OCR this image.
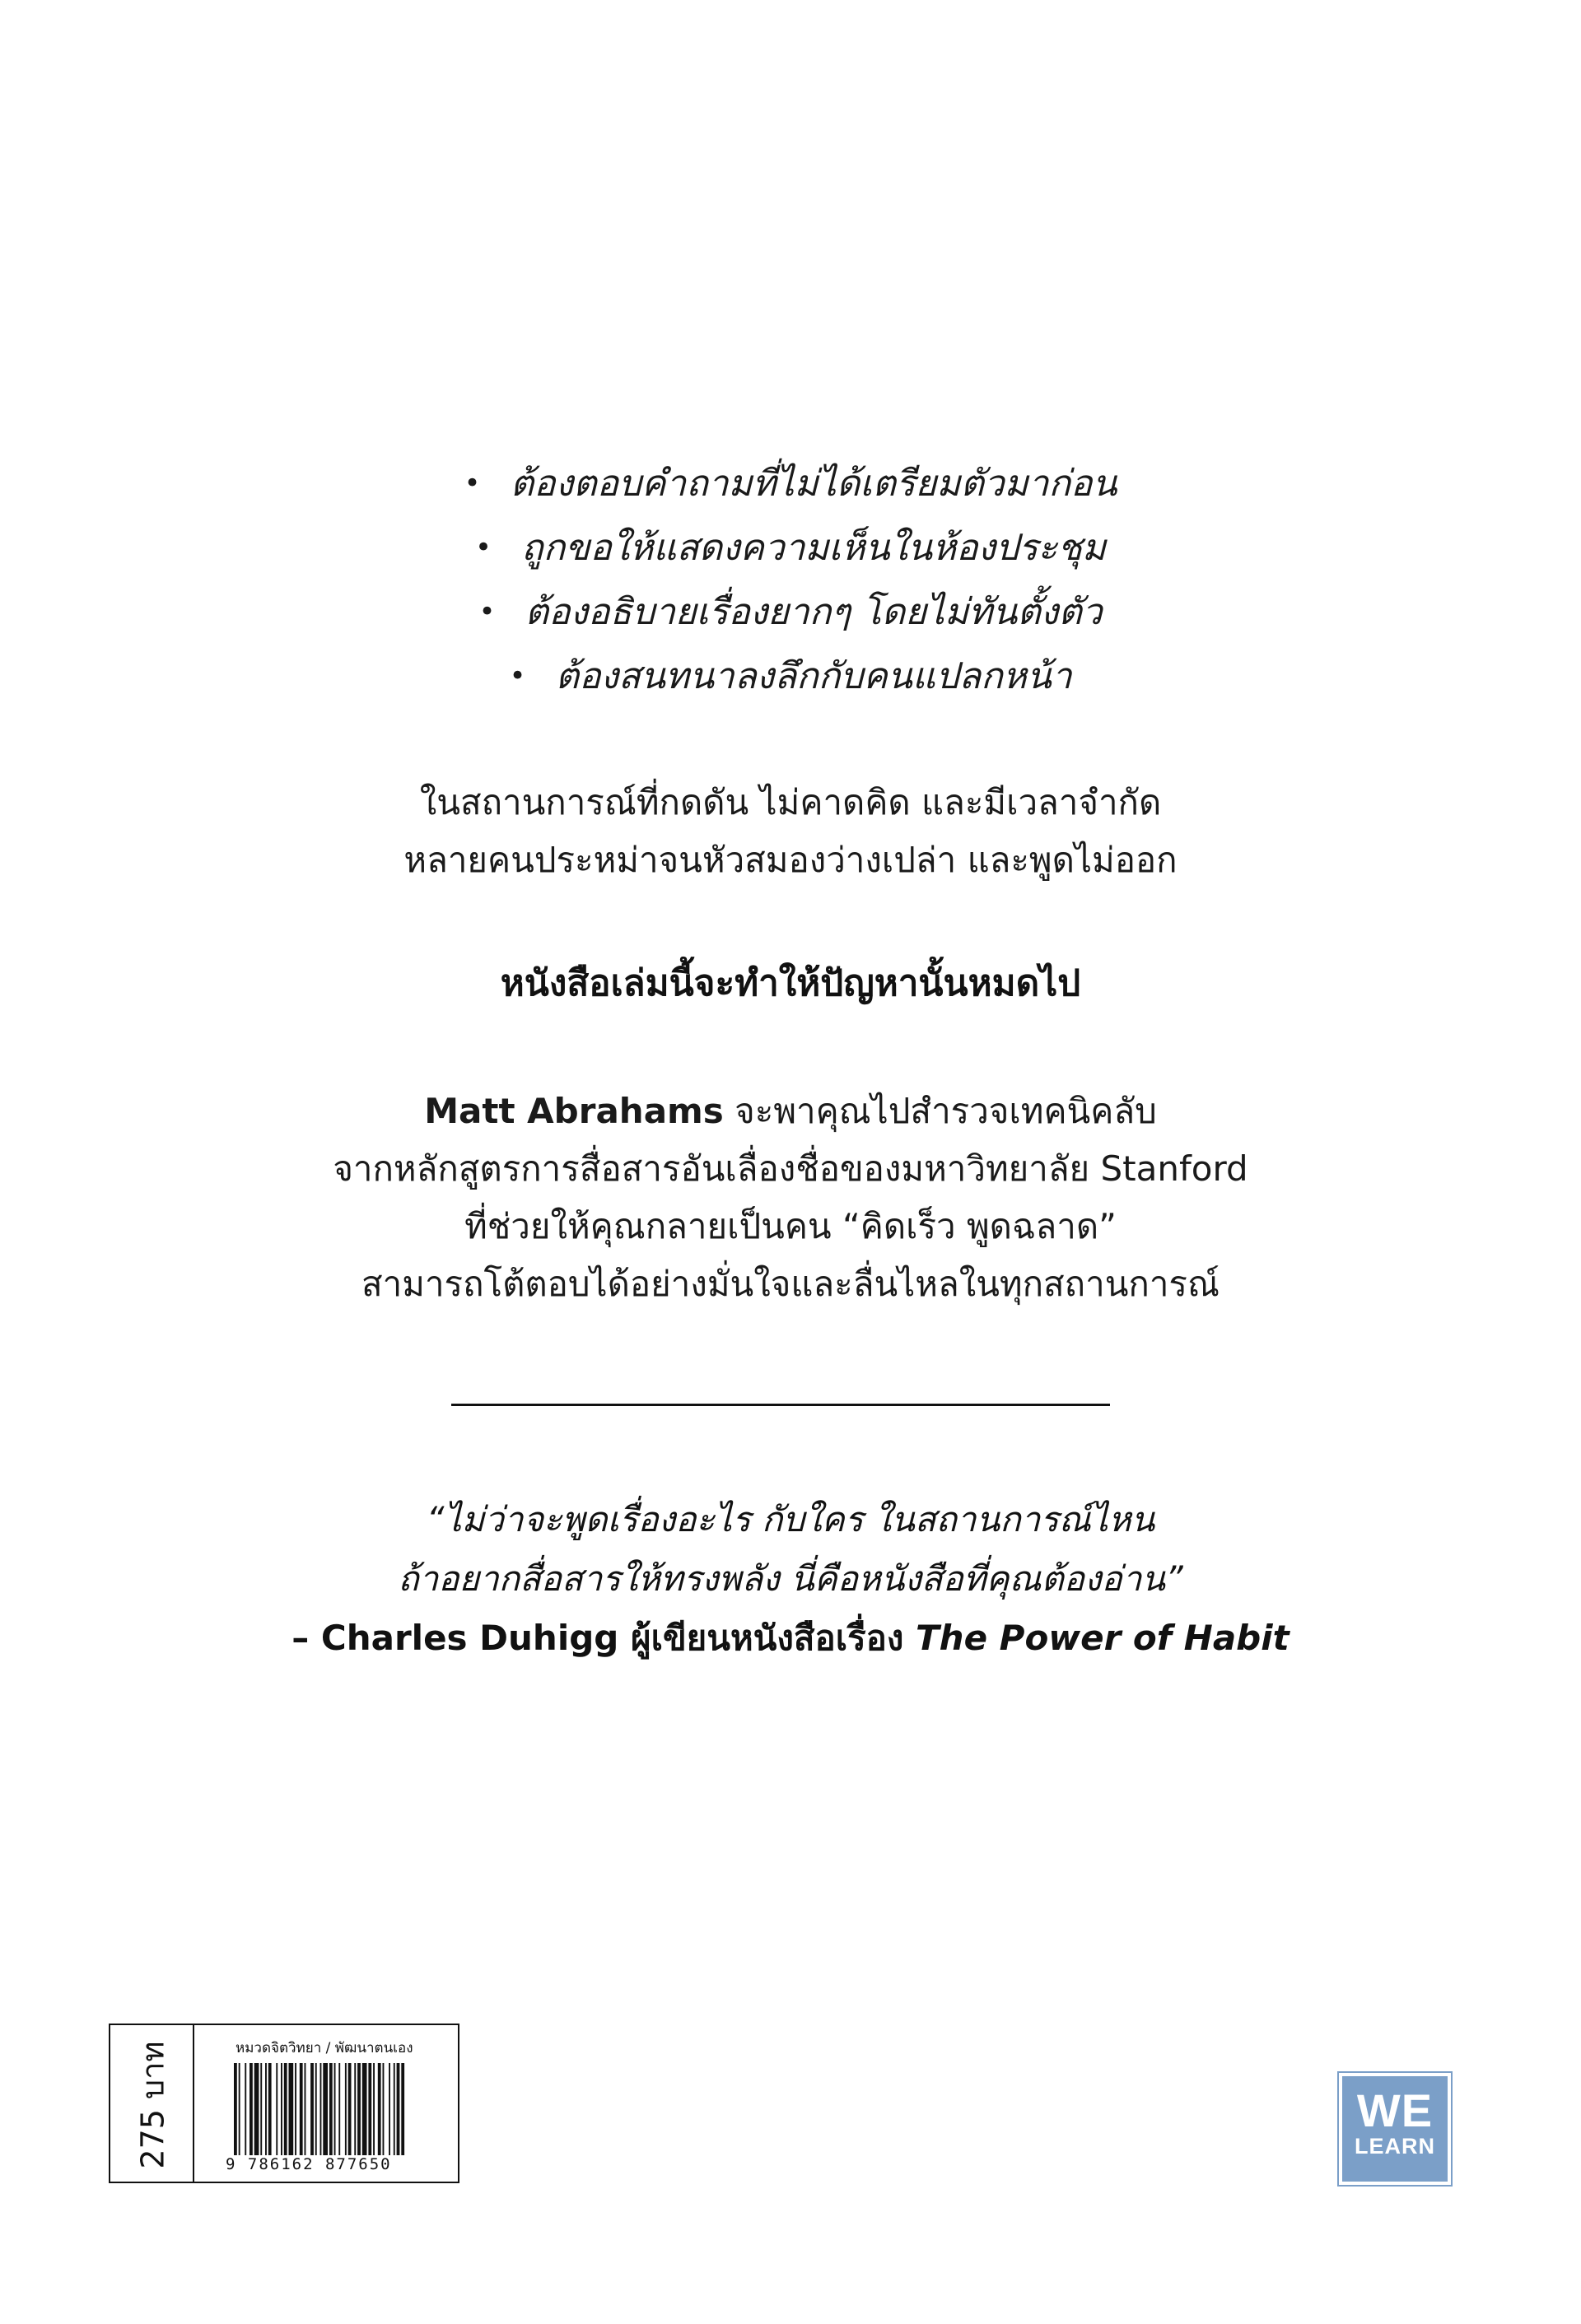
• ต้องตอบคำถามที่ไม่ได้เตรียมตัวมาก่อน
• ถูกขอให้แสดงความเห็นในห้องประชุม
• ต้องอธิบายเรื่องยากๆ โดยไม่ทันตั้งตัว
• ต้องสนทนาลงลึกกับคนแปลกหน้า
ในสถานการณ์ที่กดดัน ไม่คาดคิด และมีเวลาจำกัด
หลายคนประหม่าจนหัวสมองว่างเปล่า และพูดไม่ออก
หนังสือเล่มนี้จะทำให้ปัญหานั้นหมดไป
Matt Abrahams จะพาคุณไปสำรวจเทคนิคลับ
จากหลักสูตรการสื่อสารอันเลื่องชื่อของมหาวิทยาลัย Stanford
ที่ช่วยให้คุณกลายเป็นคน “คิดเร็ว พูดฉลาด”
สามารถโต้ตอบได้อย่างมั่นใจและลื่นไหลในทุกสถานการณ์
“ไม่ว่าจะพูดเรื่องอะไร กับใคร ในสถานการณ์ไหน
ถ้าอยากสื่อสารให้ทรงพลัง นี่คือหนังสือที่คุณต้องอ่าน”
– Charles Duhigg ผู้เขียนหนังสือเรื่อง The Power of Habit
275 บาท	หมวดจิตวิทยา / พัฒนาตนเอง
9 786162 877650
WE
LEARN
